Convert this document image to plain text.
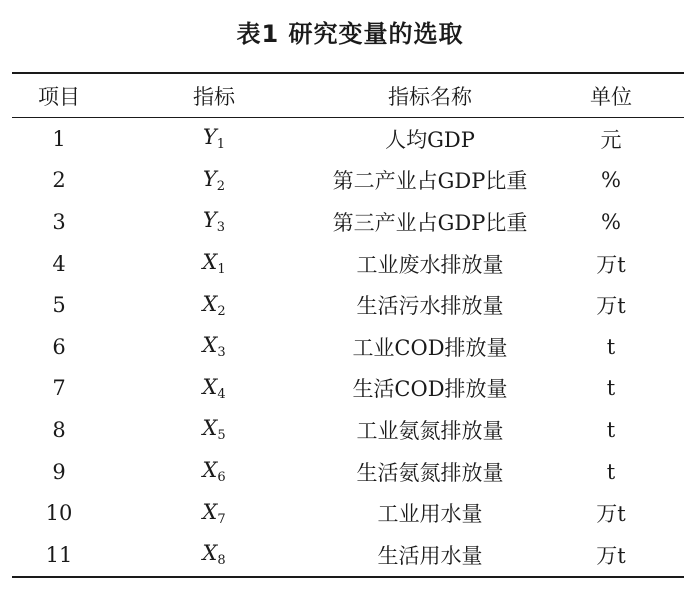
表1 研究变量的选取
项目	指标	指标名称	单位
1	$Y_1$	人均GDP	元
2	$Y_2$	第二产业占GDP比重	%
3	$Y_3$	第三产业占GDP比重	%
4	$X_1$	工业废水排放量	万t
5	$X_2$	生活污水排放量	万t
6	$X_3$	工业COD排放量	t
7	$X_4$	生活COD排放量	t
8	$X_5$	工业氨氮排放量	t
9	$X_6$	生活氨氮排放量	t
10	$X_7$	工业用水量	万t
11	$X_8$	生活用水量	万t
